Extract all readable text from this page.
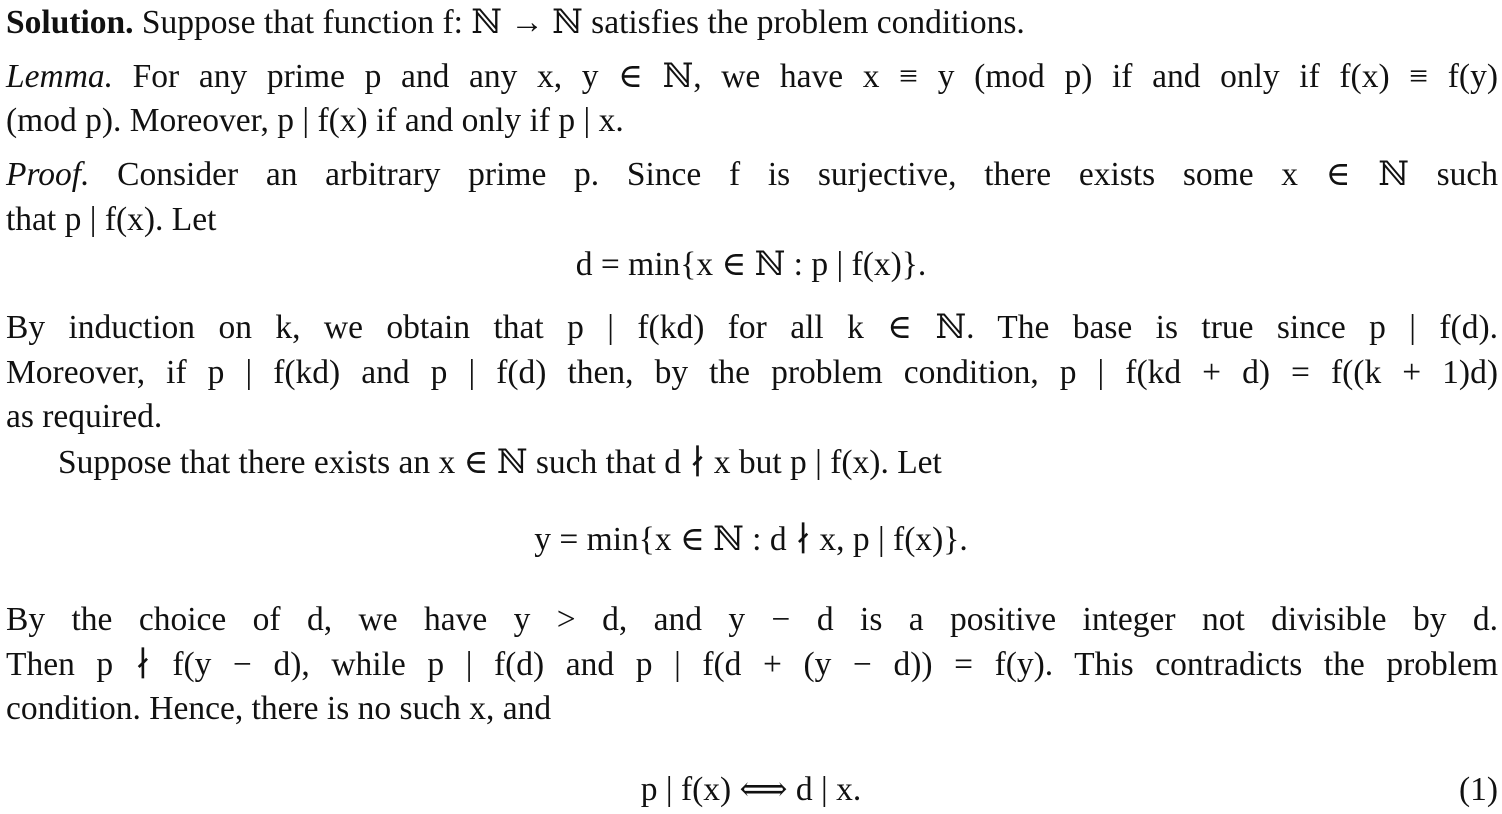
Solution. Suppose that function f: ℕ → ℕ satisfies the problem conditions.
Lemma. For any prime p and any x, y ∈ ℕ, we have x ≡ y (mod p) if and only if f(x) ≡ f(y)
(mod p). Moreover, p | f(x) if and only if p | x.
Proof. Consider an arbitrary prime p. Since f is surjective, there exists some x ∈ ℕ such
that p | f(x). Let
d = min{x ∈ ℕ : p | f(x)}.
By induction on k, we obtain that p | f(kd) for all k ∈ ℕ. The base is true since p | f(d).
Moreover, if p | f(kd) and p | f(d) then, by the problem condition, p | f(kd + d) = f((k + 1)d)
as required.
Suppose that there exists an x ∈ ℕ such that d ∤ x but p | f(x). Let
y = min{x ∈ ℕ : d ∤ x, p | f(x)}.
By the choice of d, we have y > d, and y − d is a positive integer not divisible by d.
Then p ∤ f(y − d), while p | f(d) and p | f(d + (y − d)) = f(y). This contradicts the problem
condition. Hence, there is no such x, and
p | f(x) ⟺ d | x.	(1)
